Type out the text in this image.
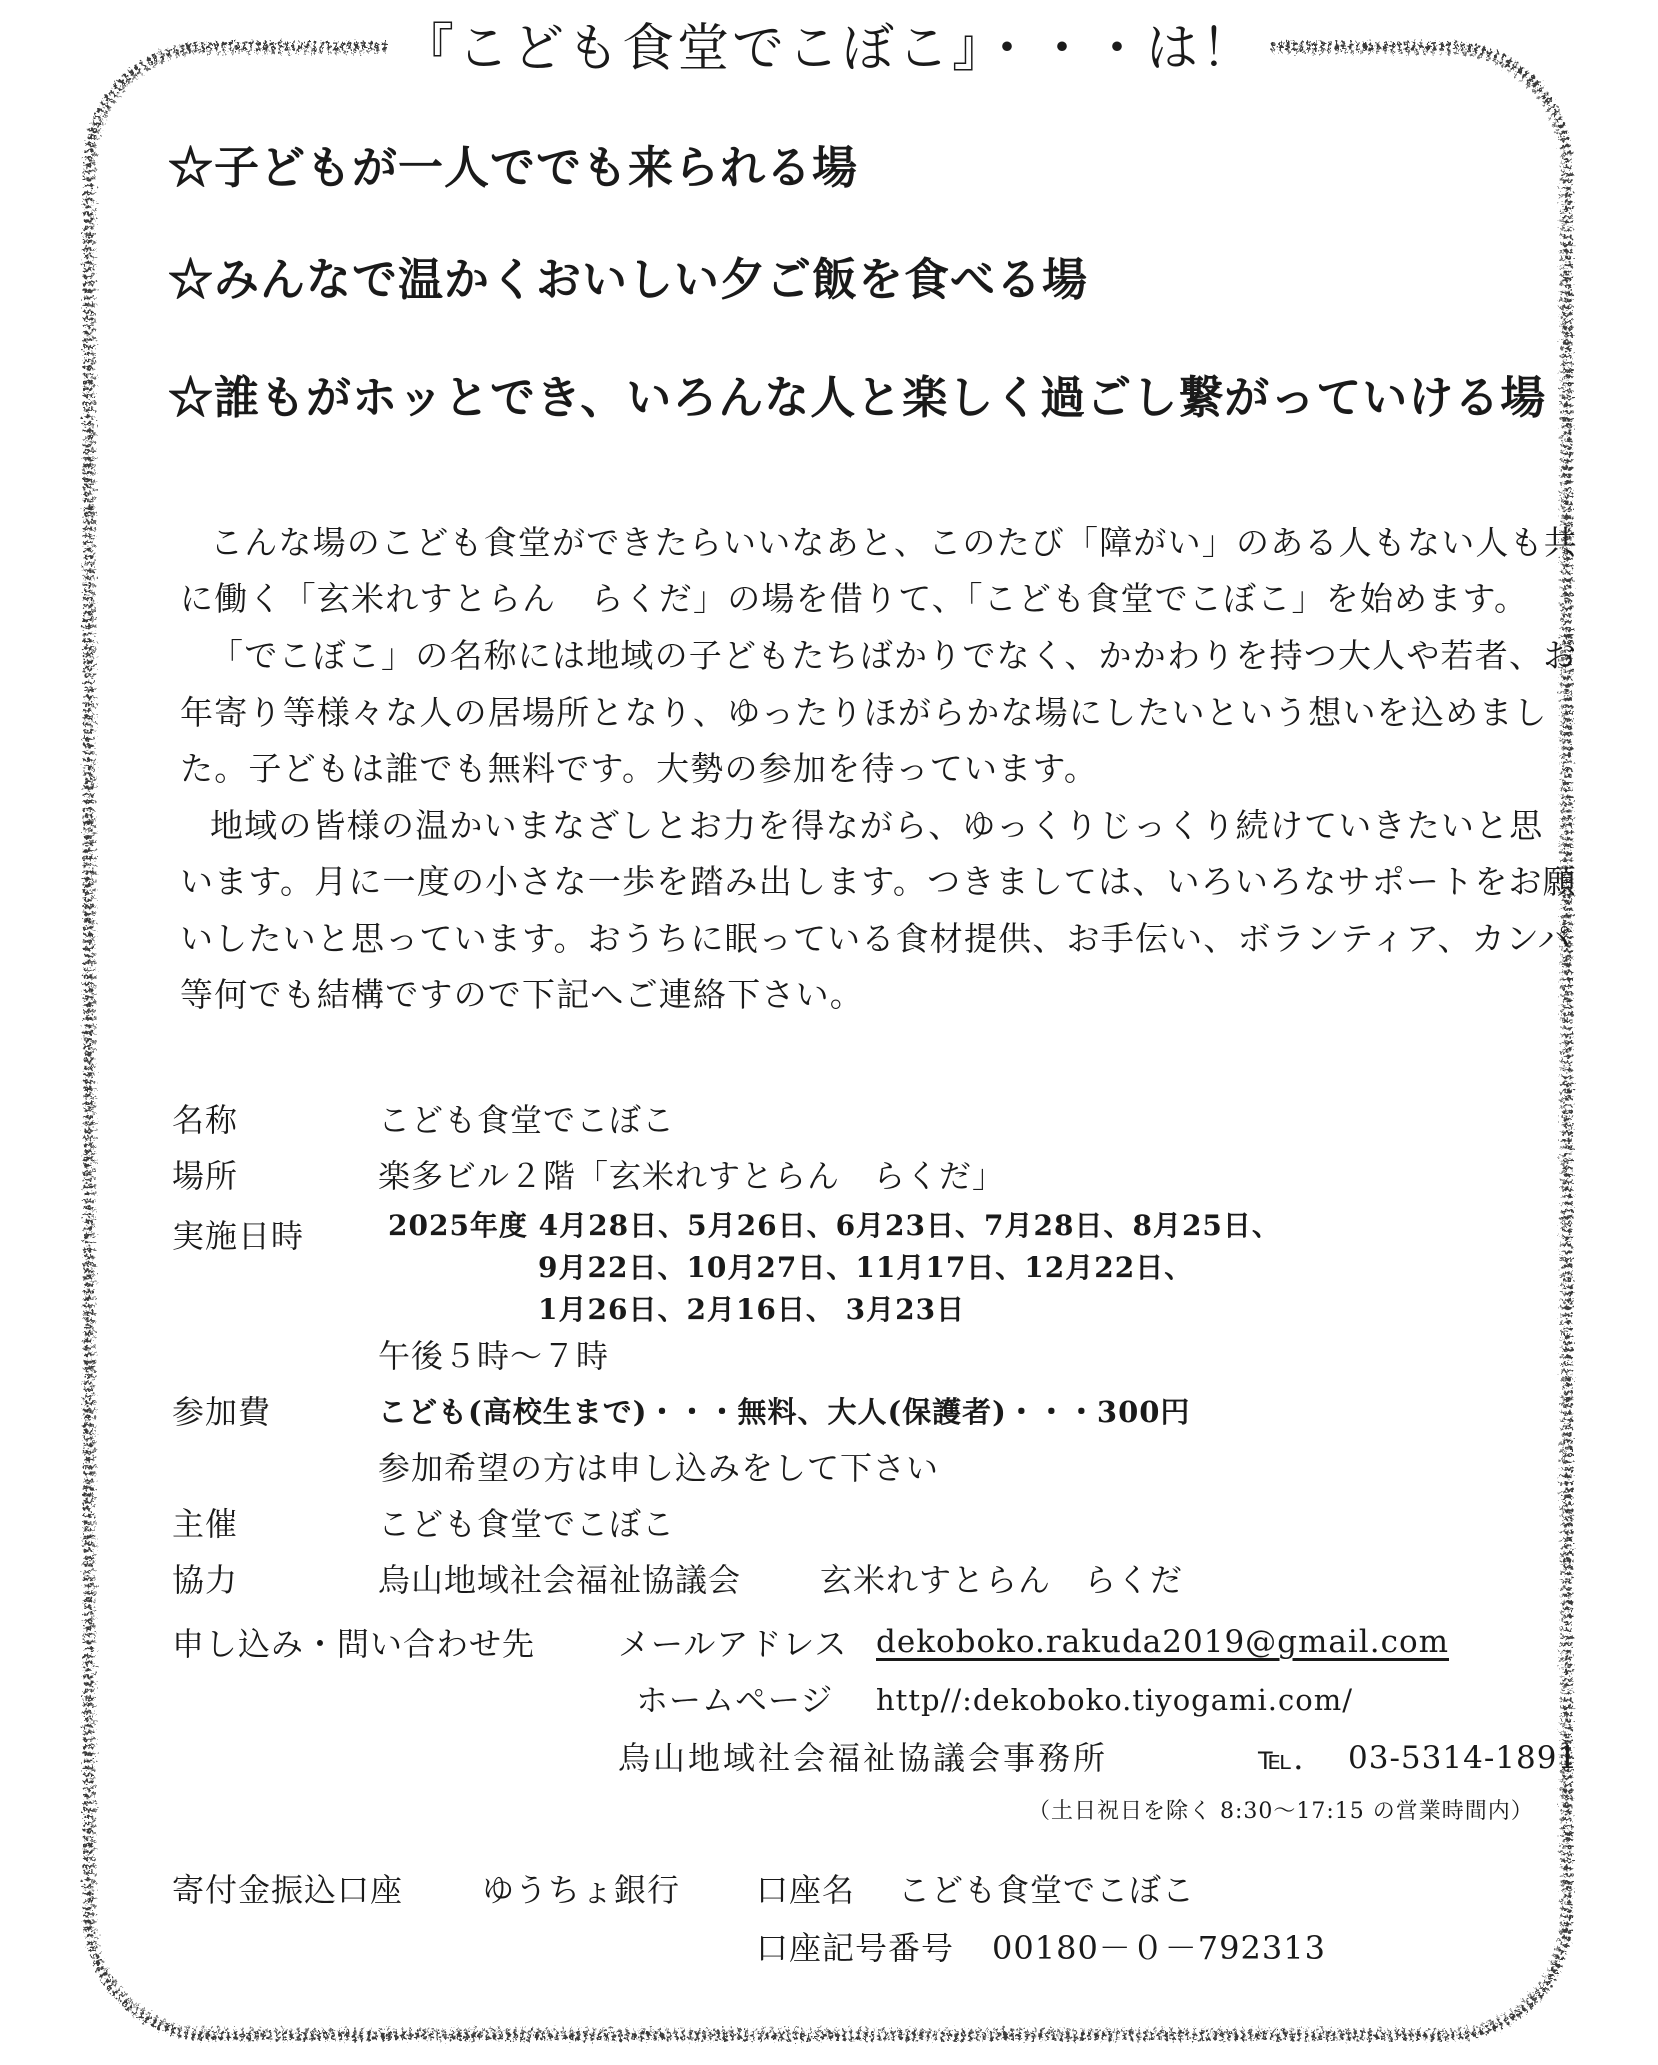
『こども食堂でこぼこ』・・・は！
☆子どもが一人ででも来られる場
☆みんなで温かくおいしい夕ご飯を食べる場
☆誰もがホッとでき、いろんな人と楽しく過ごし繋がっていける場
こんな場のこども食堂ができたらいいなあと、このたび「障がい」のある人もない人も共
に働く「玄米れすとらん　らくだ」の場を借りて、「こども食堂でこぼこ」を始めます。
「でこぼこ」の名称には地域の子どもたちばかりでなく、かかわりを持つ大人や若者、お
年寄り等様々な人の居場所となり、ゆったりほがらかな場にしたいという想いを込めまし
た。子どもは誰でも無料です。大勢の参加を待っています。
地域の皆様の温かいまなざしとお力を得ながら、ゆっくりじっくり続けていきたいと思
います。月に一度の小さな一歩を踏み出します。つきましては、いろいろなサポートをお願
いしたいと思っています。おうちに眠っている食材提供、お手伝い、ボランティア、カンパ
等何でも結構ですので下記へご連絡下さい。
名称	こども食堂でこぼこ
場所	楽多ビル２階「玄米れすとらん　らくだ」
実施日時	2025年度 4月28日、5月26日、6月23日、7月28日、8月25日、
9月22日、10月27日、11月17日、12月22日、
1月26日、2月16日、 3月23日
午後５時～７時
参加費	こども(高校生まで)・・・無料、大人(保護者)・・・300円
参加希望の方は申し込みをして下さい
主催	こども食堂でこぼこ
協力	烏山地域社会福祉協議会 玄米れすとらん　らくだ
申し込み・問い合わせ先	メールアドレス dekoboko.rakuda2019@gmail.com
ホームページ http//:dekoboko.tiyogami.com/
烏山地域社会福祉協議会事務所	℡． 03-5314-1891
（土日祝日を除く 8:30～17:15 の営業時間内）
寄付金振込口座 ゆうちょ銀行 口座名 こども食堂でこぼこ
口座記号番号 00180－０－792313
